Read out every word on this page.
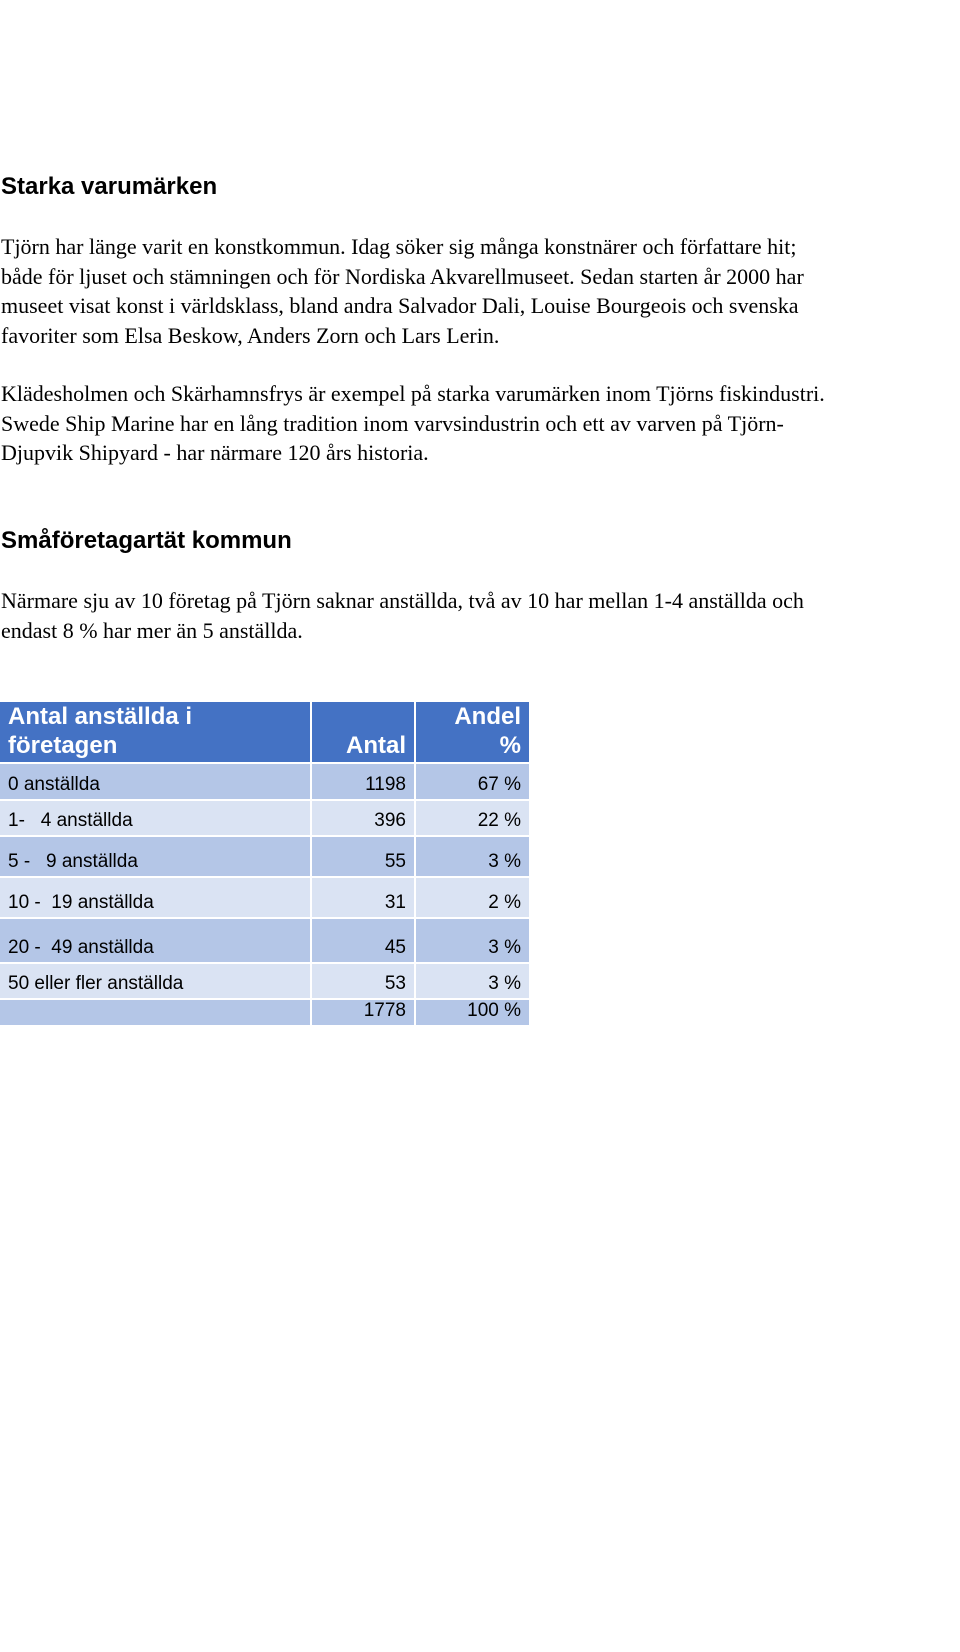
Starka varumärken

Tjörn har länge varit en konstkommun. Idag söker sig många konstnärer och författare hit;
både för ljuset och stämningen och för Nordiska Akvarellmuseet. Sedan starten år 2000 har
museet visat konst i världsklass, bland andra Salvador Dali, Louise Bourgeois och svenska
favoriter som Elsa Beskow, Anders Zorn och Lars Lerin.

Klädesholmen och Skärhamnsfrys är exempel på starka varumärken inom Tjörns fiskindustri.
Swede Ship Marine har en lång tradition inom varvsindustrin och ett av varven på Tjörn-
Djupvik Shipyard - har närmare 120 års historia.

Småföretagartät kommun

Närmare sju av 10 företag på Tjörn saknar anställda, två av 10 har mellan 1-4 anställda och
endast 8 % har mer än 5 anställda.

Antal anställda i
företagen	Antal	Andel
%

0 anställda	1198	67 %
1-   4 anställda	396	22 %
5 -   9 anställda	55	3 %
10 -  19 anställda	31	2 %
20 -  49 anställda	45	3 %
50 eller fler anställda	53	3 %
	1778	100 %
